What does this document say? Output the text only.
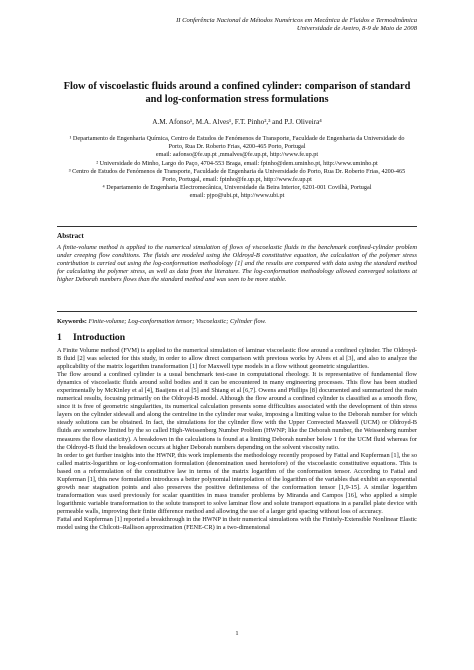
II Conferência Nacional de Métodos Numéricos em Mecânica de Fluidos e Termodinâmica
Universidade de Aveiro, 8-9 de Maio de 2008
Flow of viscoelastic fluids around a confined cylinder: comparison of standard and log-conformation stress formulations
A.M. Afonso¹, M.A. Alves¹, F.T. Pinho²,³ and P.J. Oliveira⁴
¹ Departamento de Engenharia Química, Centro de Estudos de Fenómenos de Transporte, Faculdade de Engenharia da Universidade do Porto, Rua Dr. Roberto Frias, 4200-465 Porto, Portugal
email: aafonso@fe.up.pt ,mmalves@fe.up.pt, http://www.fe.up.pt
² Universidade do Minho, Largo do Paço, 4704-553 Braga, email: fpinho@dem.uminho.pt, http://www.uminho.pt
³ Centro de Estudos de Fenómenos de Transporte, Faculdade de Engenharia da Universidade do Porto, Rua Dr. Roberto Frias, 4200-465 Porto, Portugal, email: fpinho@fe.up.pt, http://www.fe.up.pt
⁴ Departamento de Engenharia Electromecânica, Universidade da Beira Interior, 6201-001 Covilhã, Portugal
email: pjpo@ubi.pt, http://www.ubi.pt
Abstract
A finite-volume method is applied to the numerical simulation of flows of viscoelastic fluids in the benchmark confined-cylinder problem under creeping flow conditions. The fluids are modeled using the Oldroyd-B constitutive equation, the calculation of the polymer stress contribution is carried out using the log-conformation methodology [1] and the results are compared with data using the standard method for calculating the polymer stress, as well as data from the literature. The log-conformation methodology allowed converged solutions at higher Deborah numbers flows than the standard method and was seen to be more stable.
Keywords: Finite-volume; Log-conformation tensor; Viscoelastic; Cylinder flow.
1 Introduction

A Finite Volume method (FVM) is applied to the numerical simulation of laminar viscoelastic flow around a confined cylinder. The Oldroyd-B fluid [2] was selected for this study, in order to allow direct comparison with previous works by Alves et al [3], and also to analyze the applicability of the matrix logarithm transformation [1] for Maxwell type models in a flow without geometric singularities.

The flow around a confined cylinder is a usual benchmark test-case in computational rheology. It is representative of fundamental flow dynamics of viscoelastic fluids around solid bodies and it can be encountered in many engineering processes. This flow has been studied experimentally by McKinley et al [4], Baaijens et al [5] and Shiang et al [6,7]. Owens and Phillips [8] documented and summarized the main numerical results, focusing primarily on the Oldroyd-B model. Although the flow around a confined cylinder is classified as a smooth flow, since it is free of geometric singularities, its numerical calculation presents some difficulties associated with the development of thin stress layers on the cylinder sidewall and along the centreline in the cylinder rear wake, imposing a limiting value to the Deborah number for which steady solutions can be obtained. In fact, the simulations for the cylinder flow with the Upper Convected Maxwell (UCM) or Oldroyd-B fluids are somehow limited by the so called High-Weissenberg Number Problem (HWNP; like the Deborah number, the Weissenberg number measures the flow elasticity). A breakdown in the calculations is found at a limiting Deborah number below 1 for the UCM fluid whereas for the Oldroyd-B fluid the breakdown occurs at higher Deborah numbers depending on the solvent viscosity ratio.

In order to get further insights into the HWNP, this work implements the methodology recently proposed by Fattal and Kupferman [1], the so called matrix-logarithm or log-conformation formulation (denomination used heretofore) of the viscoelastic constitutive equations. This is based on a reformulation of the constitutive law in terms of the matrix logarithm of the conformation tensor. According to Fattal and Kupferman [1], this new formulation introduces a better polynomial interpolation of the logarithm of the variables that exhibit an exponential growth near stagnation points and also preserves the positive definiteness of the conformation tensor [1,9-15]. A similar logarithm transformation was used previously for scalar quantities in mass transfer problems by Miranda and Campos [16], who applied a simple logarithmic variable transformation to the solute transport to solve laminar flow and solute transport equations in a parallel plate device with permeable walls, improving their finite difference method and allowing the use of a larger grid spacing without loss of accuracy.

Fattal and Kupferman [1] reported a breakthrough in the HWNP in their numerical simulations with the Finitely-Extensible Nonlinear Elastic model using the Chilcott–Rallison approximation (FENE-CR) in a two-dimensional

1
